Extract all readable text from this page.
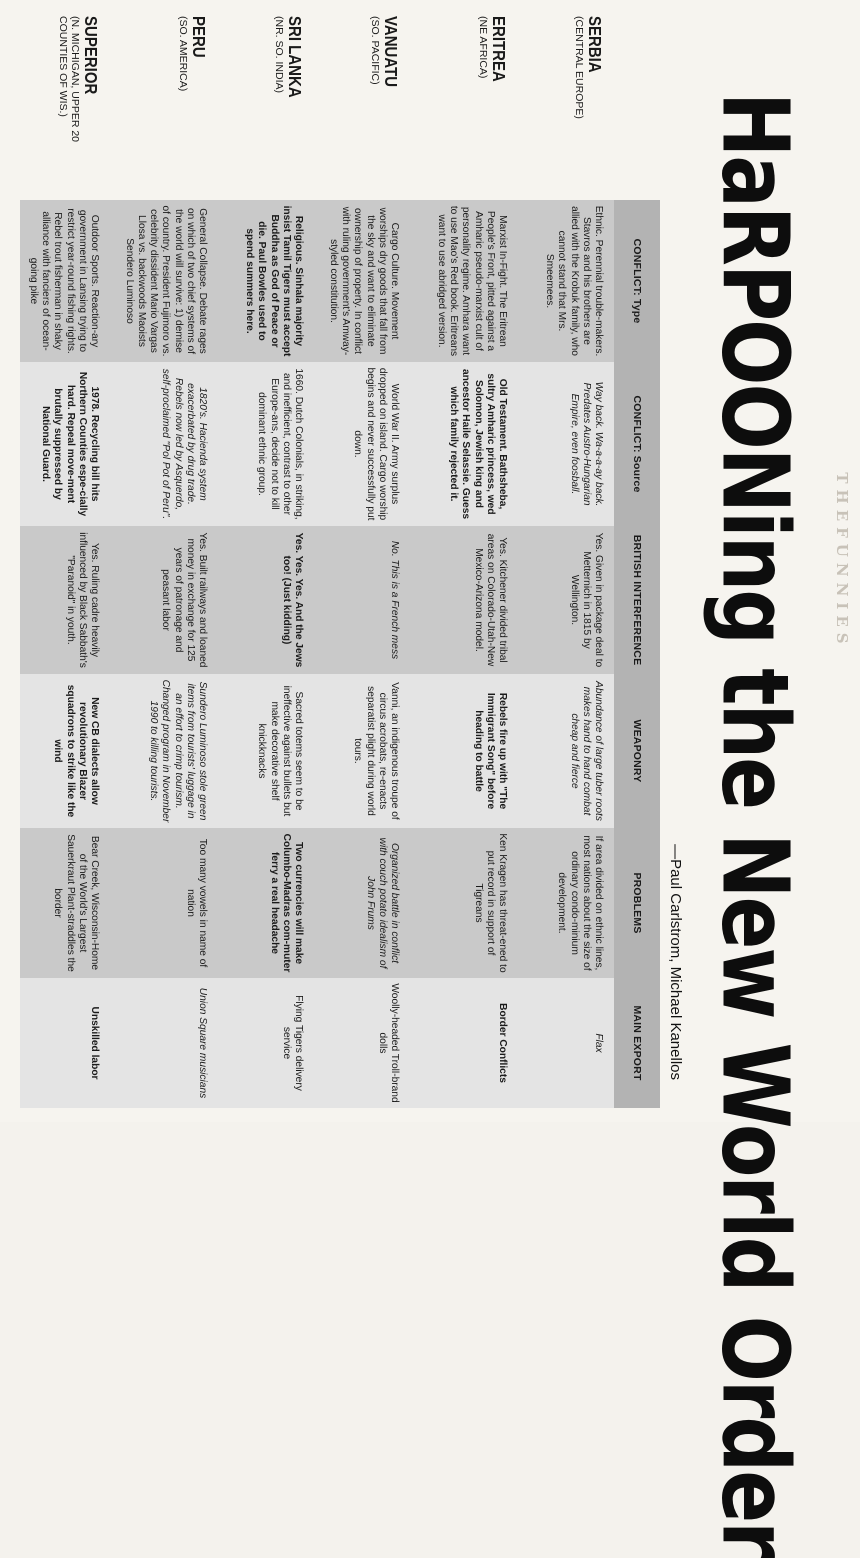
THEFUNNIES
HaRPOONing the New World Order
—Paul Carlstrom, Michael Kanellos
CONFLICT: Type
CONFLICT: Source
BRITISH INTERFERENCE
WEAPONRY
PROBLEMS
MAIN EXPORT
SERBIA
(CENTRAL EUROPE)
Ethnic. Perennial trouble-makers. Stavros and his brothers are allied with the Krobuk family, who cannot stand that Mrs. Smeemees.
Way back. Wa-a-a-ay back. Predates Austro-Hungarian Empire, even foosball.
Yes. Given in package deal to Metternich in 1815 by Wellington.
Abundance of large tuber roots makes hand to hand combat cheap and fierce
If area divided on ethnic lines, most nations about the size of ordinary condo-minium development.
Flax
ERITREA
(NE AFRICA)
Marxist In-Fight. The Eritrean People's Front, pitted against a Amharic pseudo-marxist cult of personality regime. Amhara want to use Mao's Red book. Eritreans want to use abridged version.
Old Testament. Bathsheba, sultry Amharic princess, wed Solomon, Jewish king and ancestor Haile Selassie. Guess which family rejected it.
Yes. Kitchener divided tribal areas on Colorado-Utah-New Mexico-Arizona model.
Rebels fire up with "The Immigrant Song" before heading to battle
Ken Kragen has threat-ened to put record in support of Tigreans
Border Conflicts
VANUATU
(SO. PACIFIC)
Cargo Culture. Movement worships dry goods that fall from the sky and want to eliminate ownership of property. In conflict with ruling government's Amway-styled constitution.
World War II. Army surplus dropped on island. Cargo worship begins and never successfully put down.
No. This is a French mess
Vanni, an indigenous troupe of circus acrobats, re-enacts separatist plight during world tours.
Organized battle in conflict with couch potato idealism of John Frums
Woolly-headed Troll-brand dolls
SRI LANKA
(NR. SO. INDIA)
Religious. Sinhala majority insist Tamil Tigers must accept Buddha as God of Peace or die. Paul Bowles used to spend summers here.
1660. Dutch Colonials, in striking, and inefficient, contrast to other Europe-ans, decide not to kill dominant ethnic group.
Yes. Yes. Yes. And the Jews too! (Just kidding)
Sacred totems seem to be ineffective against bullets but make decorative shelf knickknacks
Two currencies will make Columbo-Madras com-muter ferry a real headache
Flying Tigers delivery service
PERU
(SO. AMERICA)
General Collapse. Debate rages on which of two chief systems of the world will survive: 1) demise of country. President Fujimoro vs. celebrity dissident Mario Vargas Llosa vs. backwoods Maoists Sendero Luminoso
1820's. Hacienda system exacerbated by drug trade. Rebels now led by Asquerdo, self-proclaimed "Pol Pot of Peru".
Yes. Built railways and loaned money in exchange for 125 years of patronage and peasant labor
Sundero Luminoso stole green items from tourists' luggage in an effort to crimp tourism. Changed program in November 1990 to killing tourists.
Too many vowels in name of nation
Union Square musicians
SUPERIOR
(N. MICHIGAN, UPPER 20 COUNTIES OF WIS.)
Outdoor Sports. Reaction-ary government in Lansing trying to restrict year-round fishing rights. Rebel trout fisherman in shaky alliance with fanciers of ocean-going pike
1978. Recycling bill hits Northern Counties espe-cially hard. Repeal move-ment brutally suppressed by National Guard.
Yes. Ruling cadre heavily influenced by Black Sabbath's "Paranoid" in youth.
New CB dialects allow revolutionary Blazer squadrons to strike like the wind
Bear Creek, Wisconsin-Home of the World's Largest Sauerkraut Plant-straddles the border
Unskilled labor
